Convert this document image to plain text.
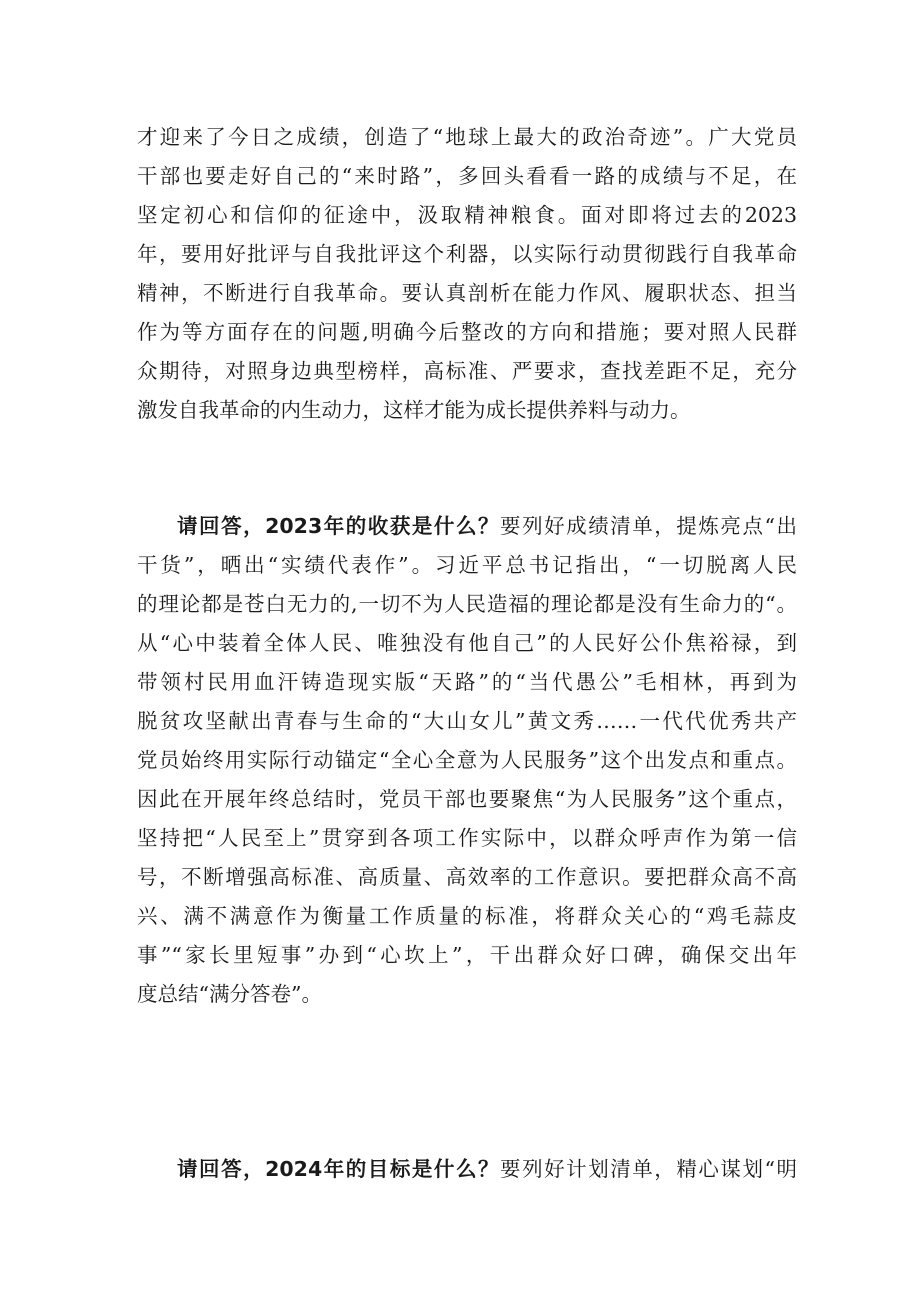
才迎来了今日之成绩，创造了“地球上最大的政治奇迹”。广大党员
干部也要走好自己的“来时路”，多回头看看一路的成绩与不足，在
坚定初心和信仰的征途中，汲取精神粮食。面对即将过去的2023
年，要用好批评与自我批评这个利器，以实际行动贯彻践行自我革命
精神，不断进行自我革命。要认真剖析在能力作风、履职状态、担当
作为等方面存在的问题,明确今后整改的方向和措施；要对照人民群
众期待，对照身边典型榜样，高标准、严要求，查找差距不足，充分
激发自我革命的内生动力，这样才能为成长提供养料与动力。
请回答，2023年的收获是什么？要列好成绩清单，提炼亮点“出
干货”，晒出“实绩代表作”。习近平总书记指出，“一切脱离人民
的理论都是苍白无力的,一切不为人民造福的理论都是没有生命力的“。
从“心中装着全体人民、唯独没有他自己”的人民好公仆焦裕禄，到
带领村民用血汗铸造现实版“天路”的“当代愚公”毛相林，再到为
脱贫攻坚献出青春与生命的“大山女儿”黄文秀……一代代优秀共产
党员始终用实际行动锚定“全心全意为人民服务”这个出发点和重点。
因此在开展年终总结时，党员干部也要聚焦“为人民服务”这个重点，
坚持把“人民至上”贯穿到各项工作实际中，以群众呼声作为第一信
号，不断增强高标准、高质量、高效率的工作意识。要把群众高不高
兴、满不满意作为衡量工作质量的标准，将群众关心的“鸡毛蒜皮
事”“家长里短事”办到“心坎上”，干出群众好口碑，确保交出年
度总结“满分答卷”。
请回答，2024年的目标是什么？要列好计划清单，精心谋划“明
